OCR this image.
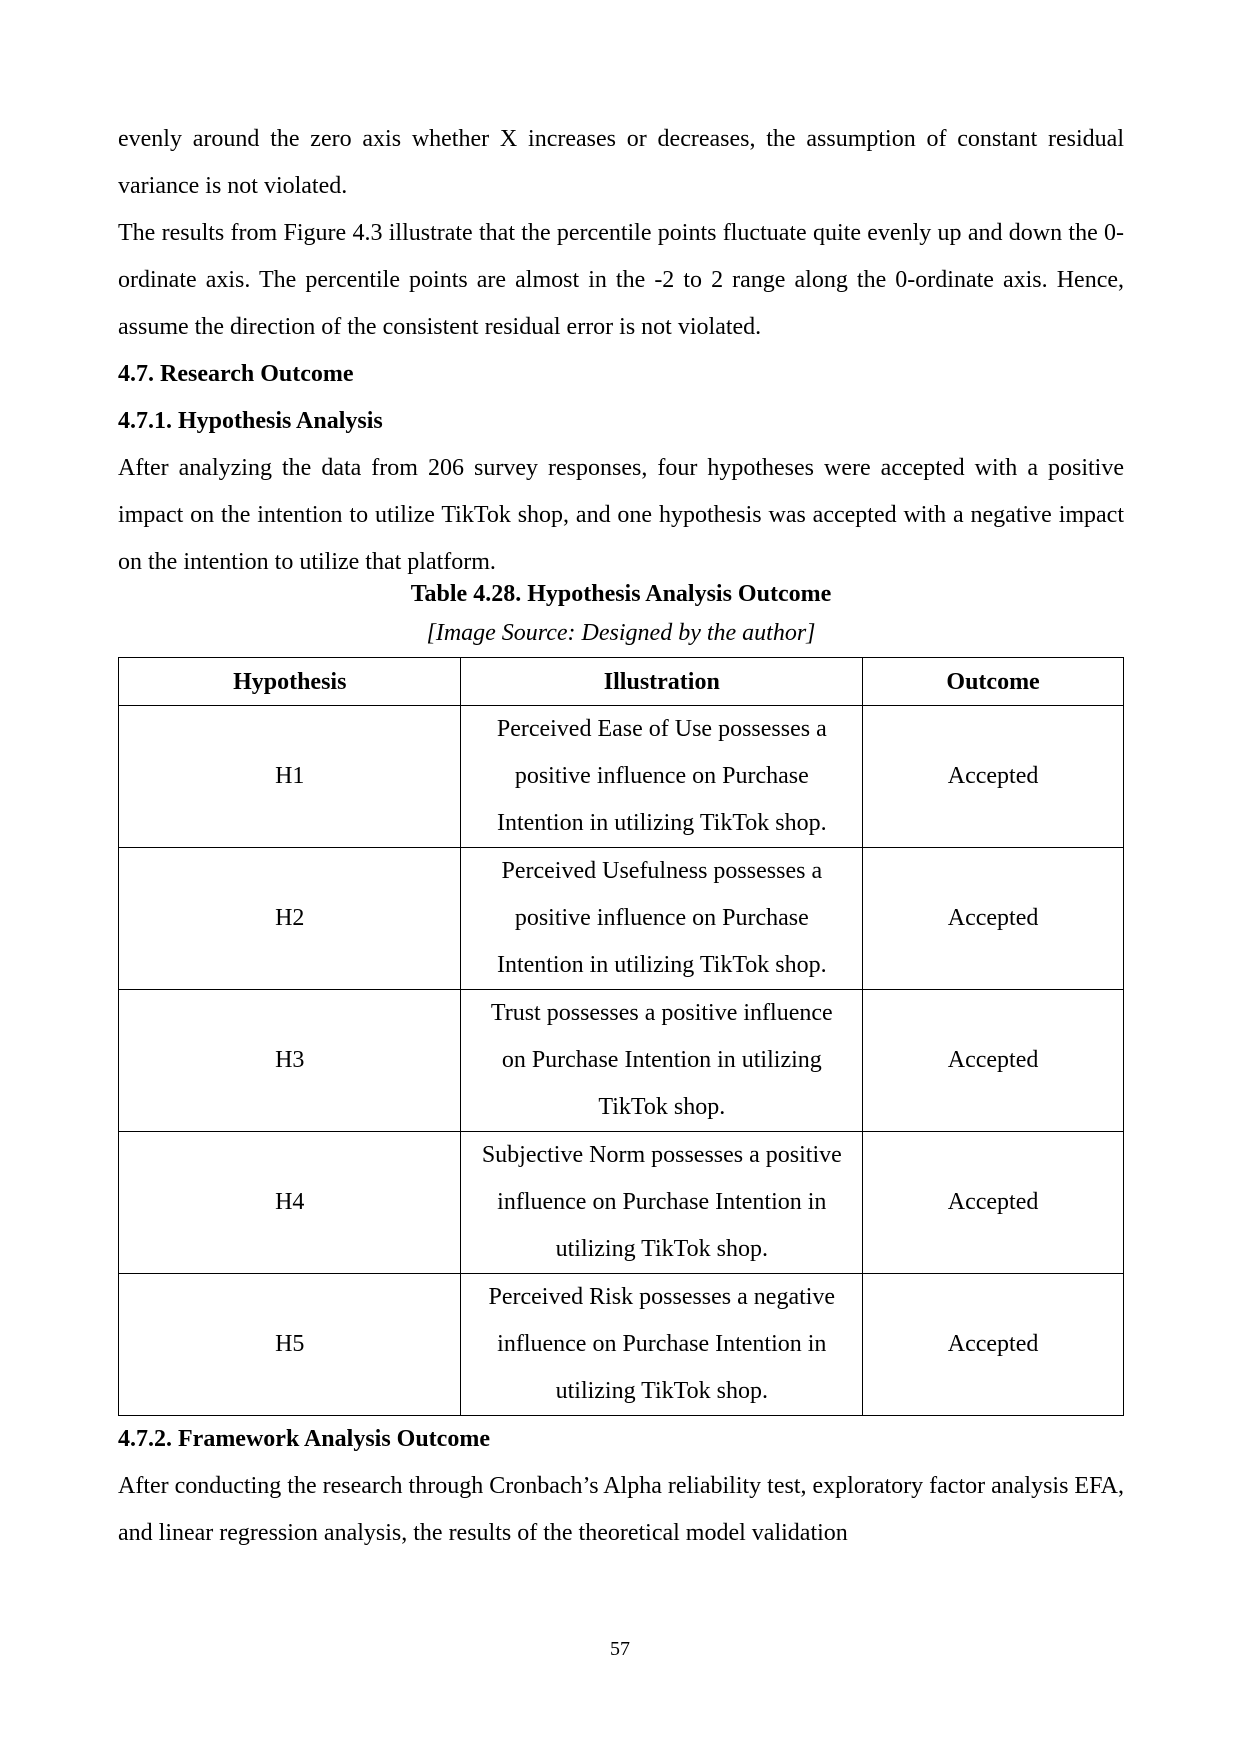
evenly around the zero axis whether X increases or decreases, the assumption of constant residual variance is not violated.

The results from Figure 4.3 illustrate that the percentile points fluctuate quite evenly up and down the 0-ordinate axis. The percentile points are almost in the -2 to 2 range along the 0-ordinate axis. Hence, assume the direction of the consistent residual error is not violated.

4.7. Research Outcome

4.7.1. Hypothesis Analysis

After analyzing the data from 206 survey responses, four hypotheses were accepted with a positive impact on the intention to utilize TikTok shop, and one hypothesis was accepted with a negative impact on the intention to utilize that platform.

Table 4.28. Hypothesis Analysis Outcome

[Image Source: Designed by the author]

Hypothesis	Illustration	Outcome
H1	Perceived Ease of Use possesses a positive influence on Purchase Intention in utilizing TikTok shop.	Accepted
H2	Perceived Usefulness possesses a positive influence on Purchase Intention in utilizing TikTok shop.	Accepted
H3	Trust possesses a positive influence on Purchase Intention in utilizing TikTok shop.	Accepted
H4	Subjective Norm possesses a positive influence on Purchase Intention in utilizing TikTok shop.	Accepted
H5	Perceived Risk possesses a negative influence on Purchase Intention in utilizing TikTok shop.	Accepted

4.7.2. Framework Analysis Outcome

After conducting the research through Cronbach’s Alpha reliability test, exploratory factor analysis EFA, and linear regression analysis, the results of the theoretical model validation

57
